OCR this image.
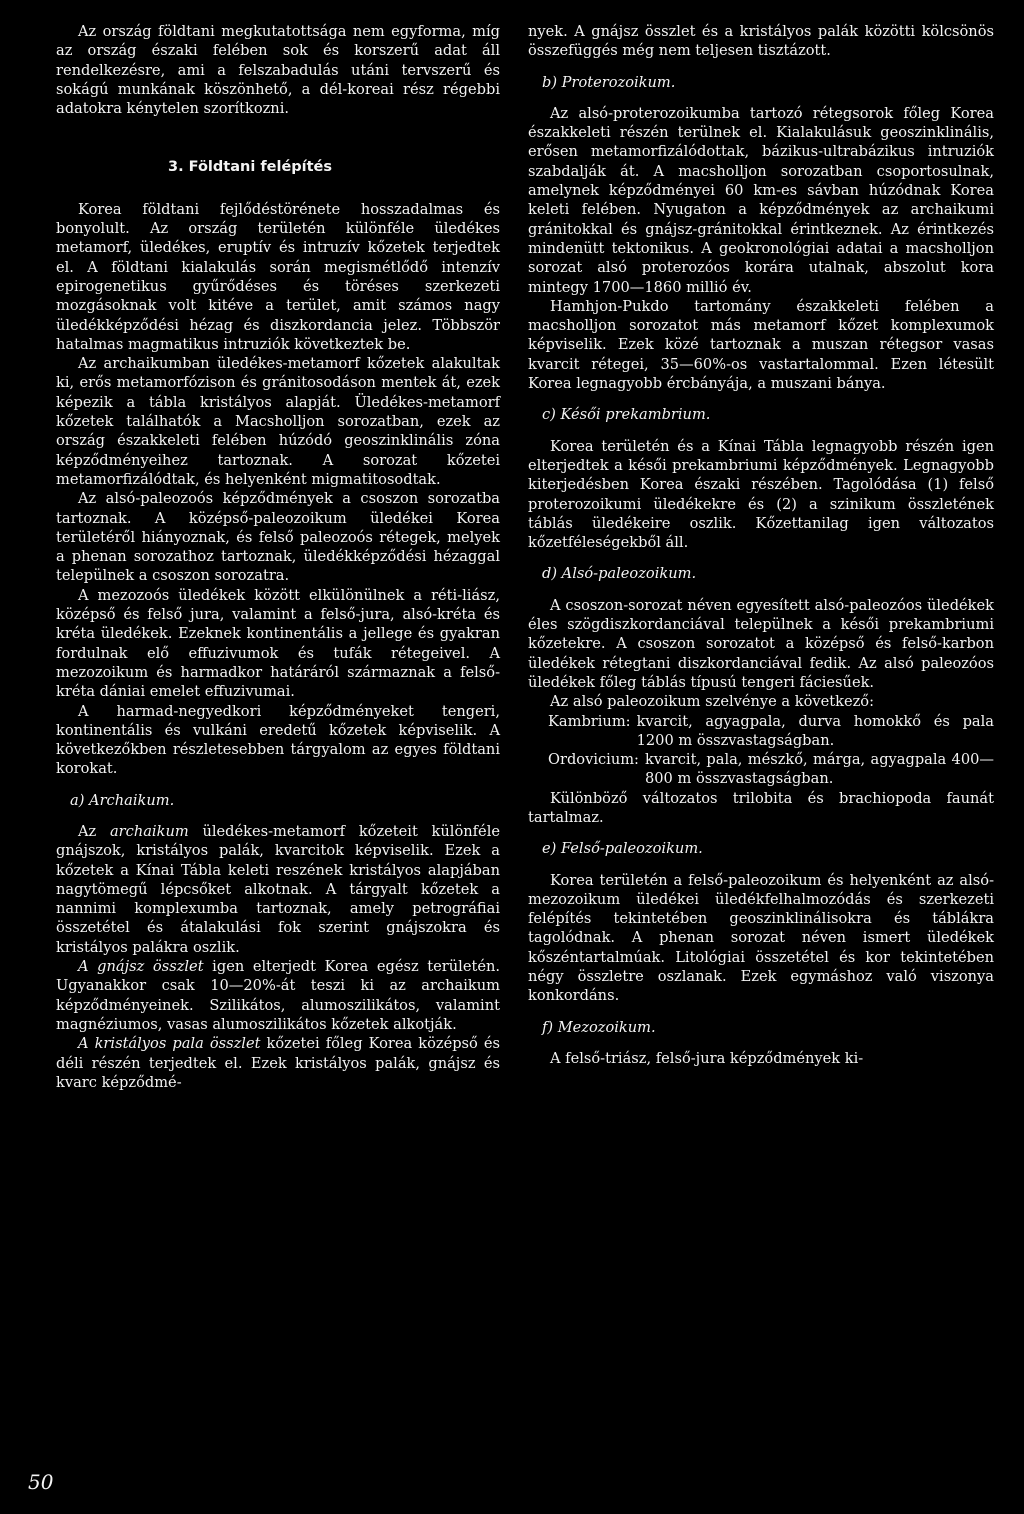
Az ország földtani megkutatottsága nem egyforma, míg az ország északi felében sok és korszerű adat áll rendelkezésre, ami a felszabadulás utáni tervszerű és sokágú munkának köszönhető, a dél-koreai rész régebbi adatokra kénytelen szorítkozni.

3. Földtani felépítés

Korea földtani fejlődéstörénete hosszadalmas és bonyolult. Az ország területén különféle üledékes metamorf, üledékes, eruptív és intruzív kőzetek terjedtek el. A földtani kialakulás során megismétlődő intenzív epirogenetikus gyűrődéses és töréses szerkezeti mozgásoknak volt kitéve a terület, amit számos nagy üledékképződési hézag és diszkordancia jelez. Többször hatalmas magmatikus intruziók következtek be.

Az archaikumban üledékes-metamorf kőzetek alakultak ki, erős metamorfózison és gránitosodáson mentek át, ezek képezik a tábla kristályos alapját. Üledékes-metamorf kőzetek találhatók a Macsholljon sorozatban, ezek az ország északkeleti felében húzódó geoszinklinális zóna képződményeihez tartoznak. A sorozat kőzetei metamorfizálódtak, és helyenként migmatitosodtak.

Az alsó-paleozoós képződmények a csoszon sorozatba tartoznak. A középső-paleozoikum üledékei Korea területéről hiányoznak, és felső paleozoós rétegek, melyek a phenan sorozathoz tartoznak, üledékképződési hézaggal települnek a csoszon sorozatra.

A mezozoós üledékek között elkülönülnek a réti-liász, középső és felső jura, valamint a felső-jura, alsó-kréta és kréta üledékek. Ezeknek kontinentális a jellege és gyakran fordulnak elő effuzivumok és tufák rétegeivel. A mezozoikum és harmadkor határáról származnak a felső-kréta dániai emelet effuzivumai.

A harmad-negyedkori képződményeket tengeri, kontinentális és vulkáni eredetű kőzetek képviselik. A következőkben részletesebben tárgyalom az egyes földtani korokat.

a) Archaikum.

Az archaikum üledékes-metamorf kőzeteit különféle gnájszok, kristályos palák, kvarcitok képviselik. Ezek a kőzetek a Kínai Tábla keleti reszének kristályos alapjában nagytömegű lépcsőket alkotnak. A tárgyalt kőzetek a nannimi komplexumba tartoznak, amely petrográfiai összetétel és átalakulási fok szerint gnájszokra és kristályos palákra oszlik.

A gnájsz összlet igen elterjedt Korea egész területén. Ugyanakkor csak 10—20%-át teszi ki az archaikum képződményeinek. Szilikátos, alumoszilikátos, valamint magnéziumos, vasas alumoszilikátos kőzetek alkotják.

A kristályos pala összlet kőzetei főleg Korea középső és déli részén terjedtek el. Ezek kristályos palák, gnájsz és kvarc képződmé-

nyek. A gnájsz összlet és a kristályos palák közötti kölcsönös összefüggés még nem teljesen tisztázott.

b) Proterozoikum.

Az alsó-proterozoikumba tartozó rétegsorok főleg Korea északkeleti részén terülnek el. Kialakulásuk geoszinklinális, erősen metamorfizálódottak, bázikus-ultrabázikus intruziók szabdalják át. A macsholljon sorozatban csoportosulnak, amelynek képződményei 60 km-es sávban húzódnak Korea keleti felében. Nyugaton a képződmények az archaikumi gránitokkal és gnájsz-gránitokkal érintkeznek. Az érintkezés mindenütt tektonikus. A geokronológiai adatai a macsholljon sorozat alsó proterozóos korára utalnak, abszolut kora mintegy 1700—1860 millió év.

Hamhjon-Pukdo tartomány északkeleti felében a macsholljon sorozatot más metamorf kőzet komplexumok képviselik. Ezek közé tartoznak a muszan rétegsor vasas kvarcit rétegei, 35—60%-os vastartalommal. Ezen létesült Korea legnagyobb ércbányája, a muszani bánya.

c) Késői prekambrium.

Korea területén és a Kínai Tábla legnagyobb részén igen elterjedtek a késői prekambriumi képződmények. Legnagyobb kiterjedésben Korea északi részében. Tagolódása (1) felső proterozoikumi üledékekre és (2) a szinikum összletének táblás üledékeire oszlik. Kőzettanilag igen változatos kőzetféleségekből áll.

d) Alsó-paleozoikum.

A csoszon-sorozat néven egyesített alsó-paleozóos üledékek éles szögdiszkordanciával települnek a késői prekambriumi kőzetekre. A csoszon sorozatot a középső és felső-karbon üledékek rétegtani diszkordanciával fedik. Az alsó paleozóos üledékek főleg táblás típusú tengeri fáciesűek.

Az alsó paleozoikum szelvénye a következő:

Kambrium: kvarcit, agyagpala, durva homokkő és pala 1200 m összvastagságban.
Ordovicium: kvarcit, pala, mészkő, márga, agyagpala 400—800 m összvastagságban.

Különböző változatos trilobita és brachiopoda faunát tartalmaz.

e) Felső-paleozoikum.

Korea területén a felső-paleozoikum és helyenként az alsó-mezozoikum üledékei üledékfelhalmozódás és szerkezeti felépítés tekintetében geoszinklinálisokra és táblákra tagolódnak. A phenan sorozat néven ismert üledékek kőszéntartalmúak. Litológiai összetétel és kor tekintetében négy összletre oszlanak. Ezek egymáshoz való viszonya konkordáns.

f) Mezozoikum.

A felső-triász, felső-jura képződmények ki-

50
